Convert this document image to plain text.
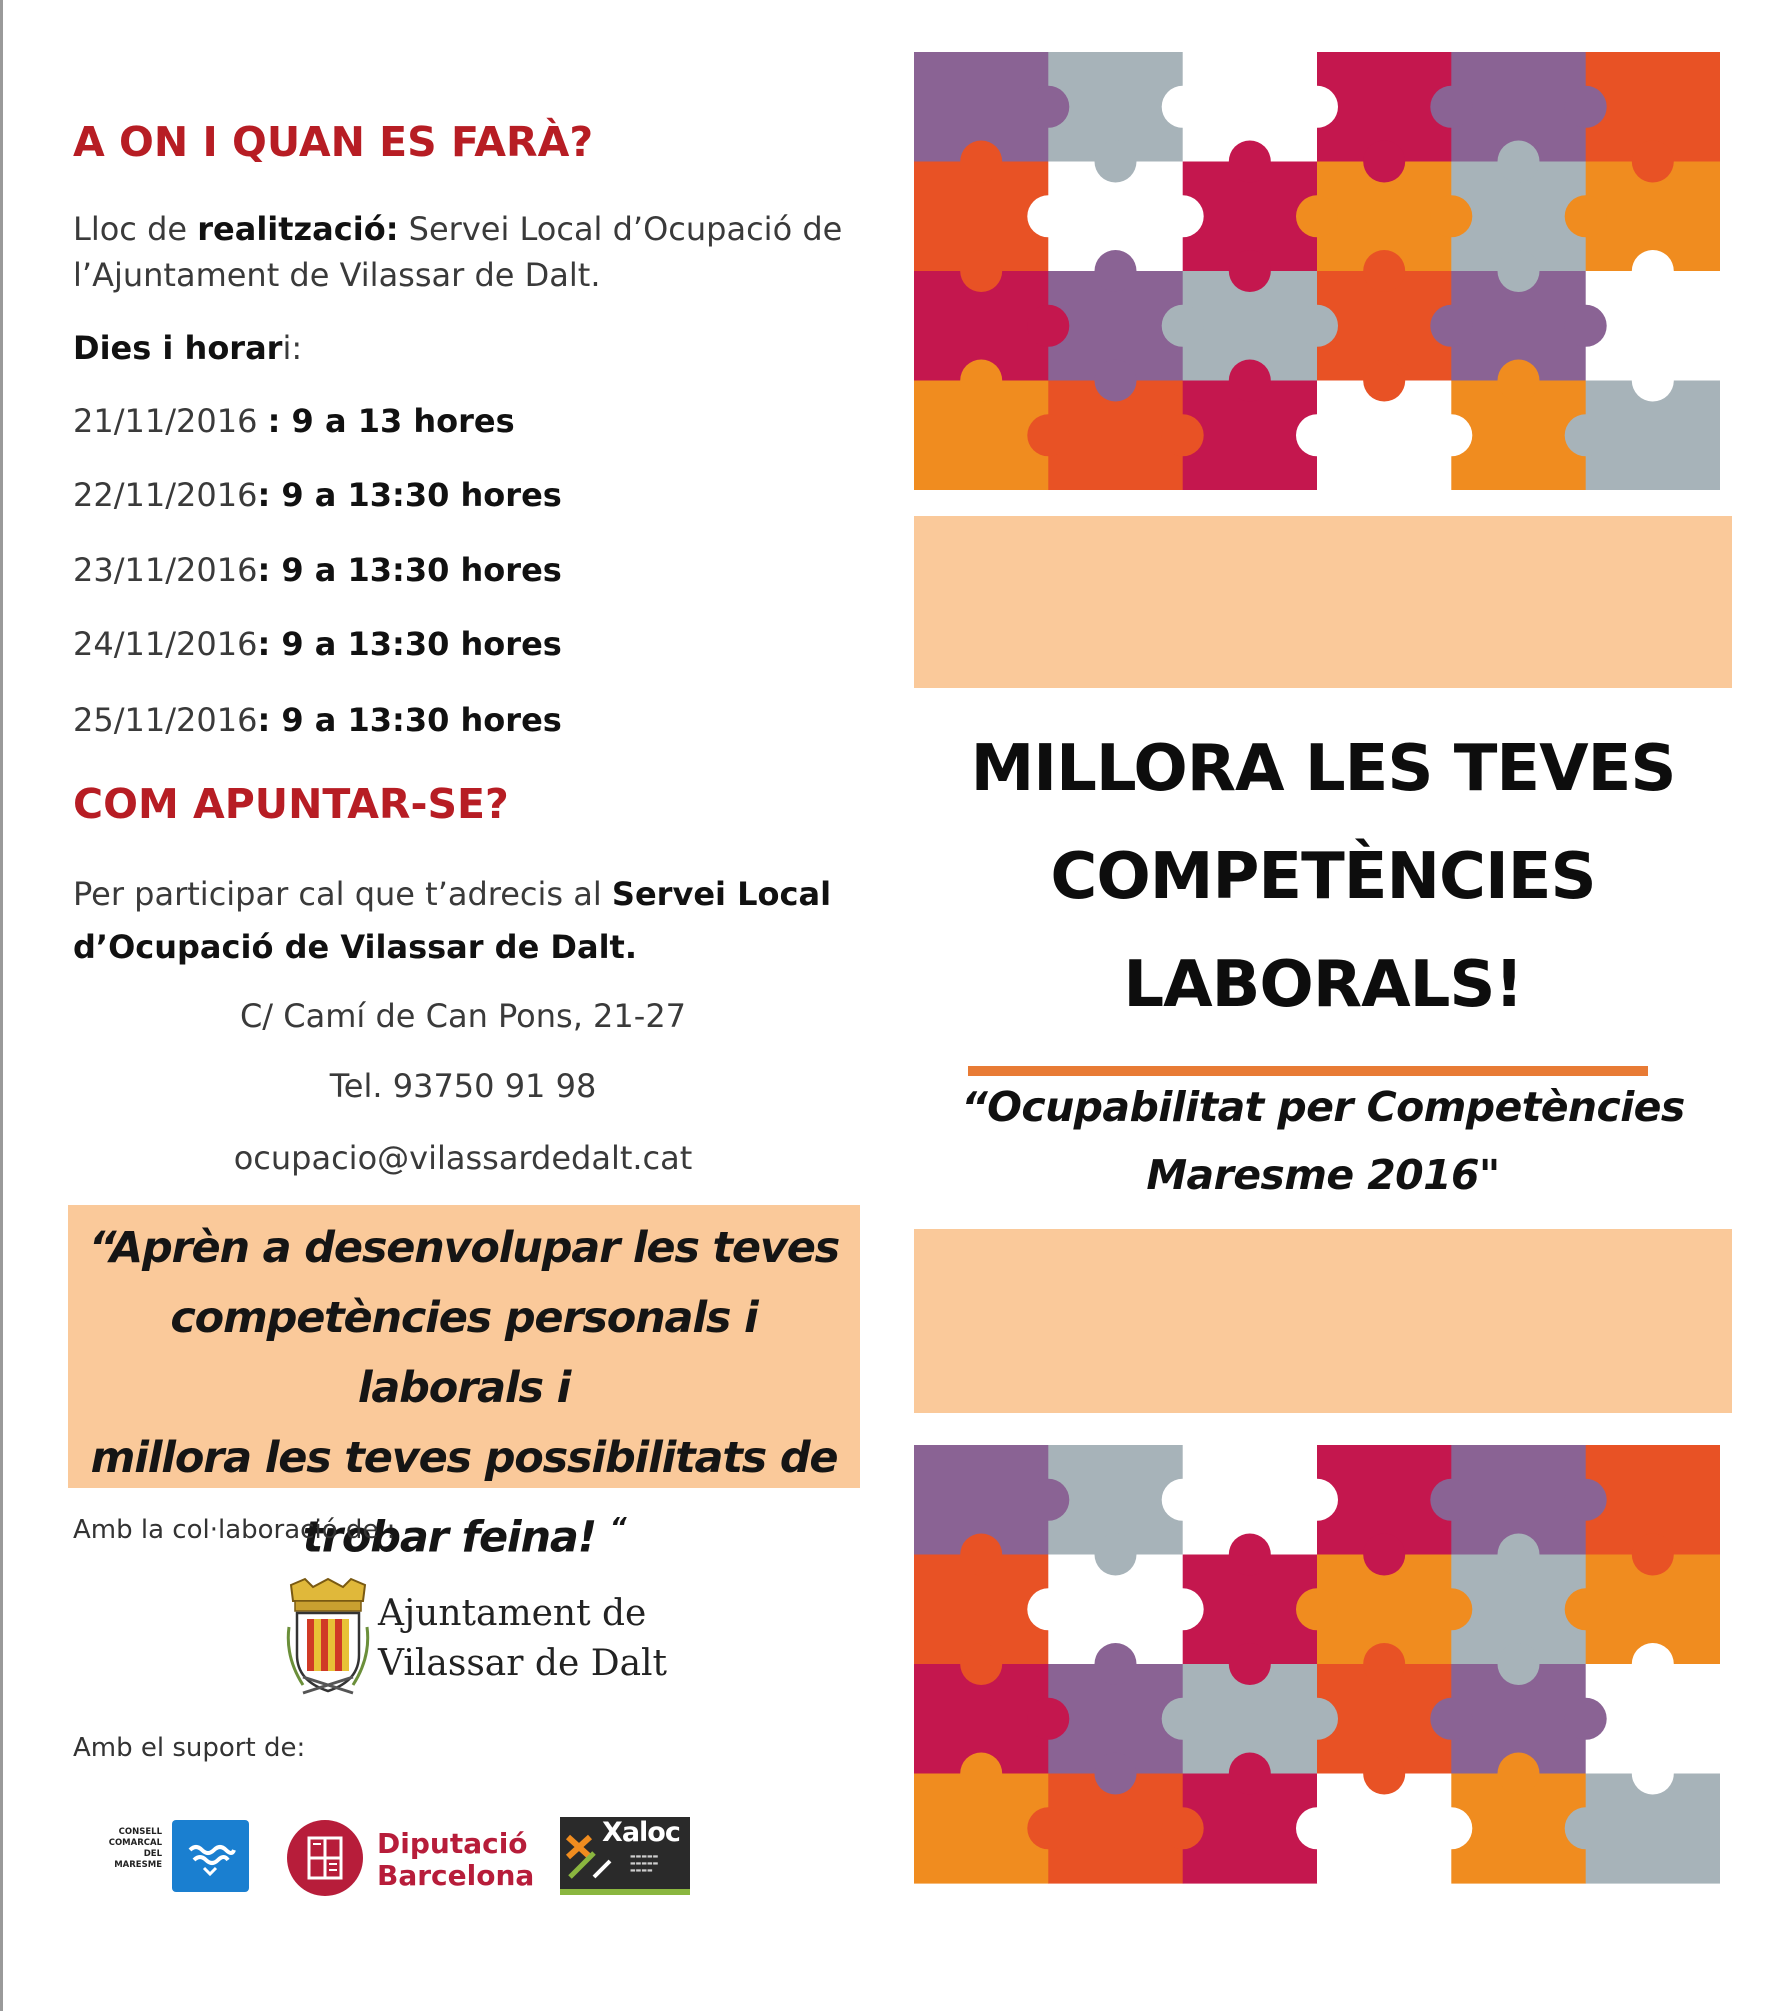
A ON I QUAN ES FARÀ?

Lloc de realització: Servei Local d’Ocupació de
l’Ajuntament de Vilassar de Dalt.

Dies i horari:
21/11/2016 : 9 a 13 hores
22/11/2016: 9 a 13:30 hores
23/11/2016: 9 a 13:30 hores
24/11/2016: 9 a 13:30 hores
25/11/2016: 9 a 13:30 hores
COM APUNTAR-SE?

Per participar cal que t’adrecis al Servei Local
d’Ocupació de Vilassar de Dalt.

C/ Camí de Can Pons, 21-27
Tel. 93750 91 98
ocupacio@vilassardedalt.cat
“Aprèn a desenvolupar les teves
competències personals i laborals i
millora les teves possibilitats de
trobar feina! “
Amb la col·laboració de :
Ajuntament de
Vilassar de Dalt
Amb el suport de:
CONSELL
COMARCAL
DEL
MARESME
Diputació
Barcelona
Xaloc
▬▬▬▬▬
▬▬▬▬▬
▬▬▬▬
MILLORA LES TEVES
COMPETÈNCIES
LABORALS!
“Ocupabilitat per Competències
Maresme 2016"
